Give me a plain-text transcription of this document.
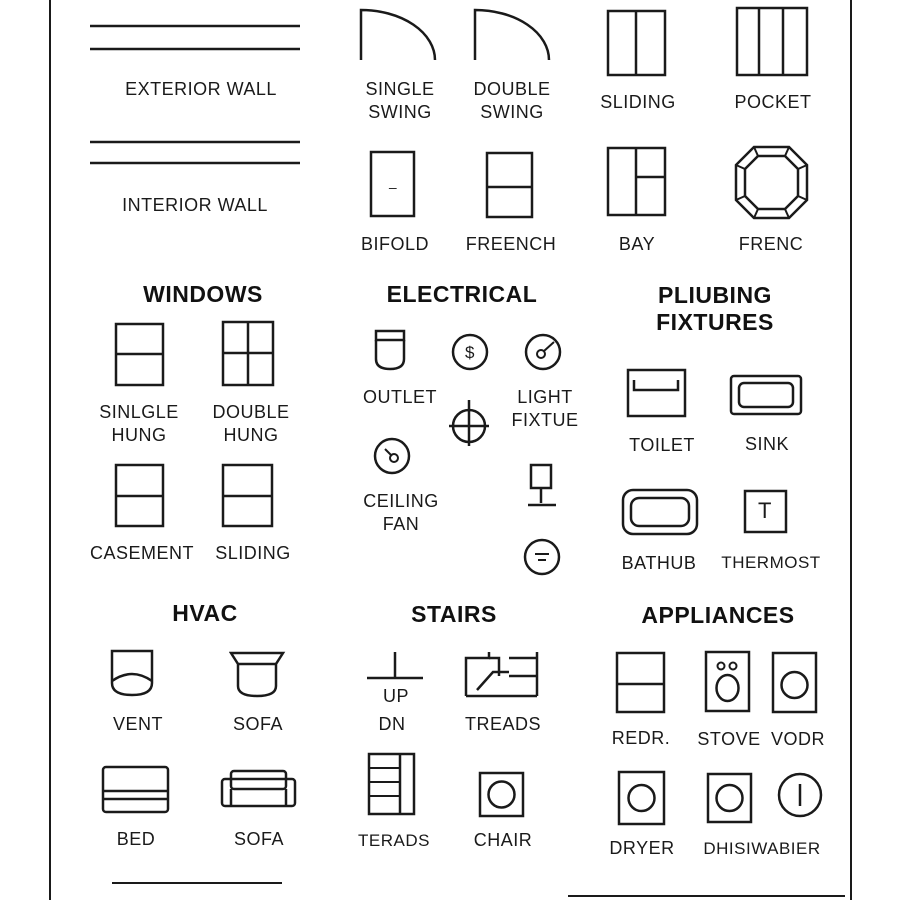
EXTERIOR WALL
INTERIOR WALL
SINGLE
SWING
DOUBLE
SWING	SLIDING	POCKET
–
BIFOLD FREENCH	BAY	FRENC
WINDOWS
SINLGLE
HUNG
DOUBLE
HUNG
CASEMENT SLIDING
ELECTRICAL
OUTLET
$
LIGHT
FIXTUE
CEILING
FAN
PLIUBING
FIXTURES
TOILET	SINK
BATHUB
T
THERMOST
HVAC
VENT	SOFA
BED	SOFA
STAIRS
UP
DN	TREADS
TERADS CHAIR
APPLIANCES
REDR. STOVE VODR
DRYER DHISIWABIER
